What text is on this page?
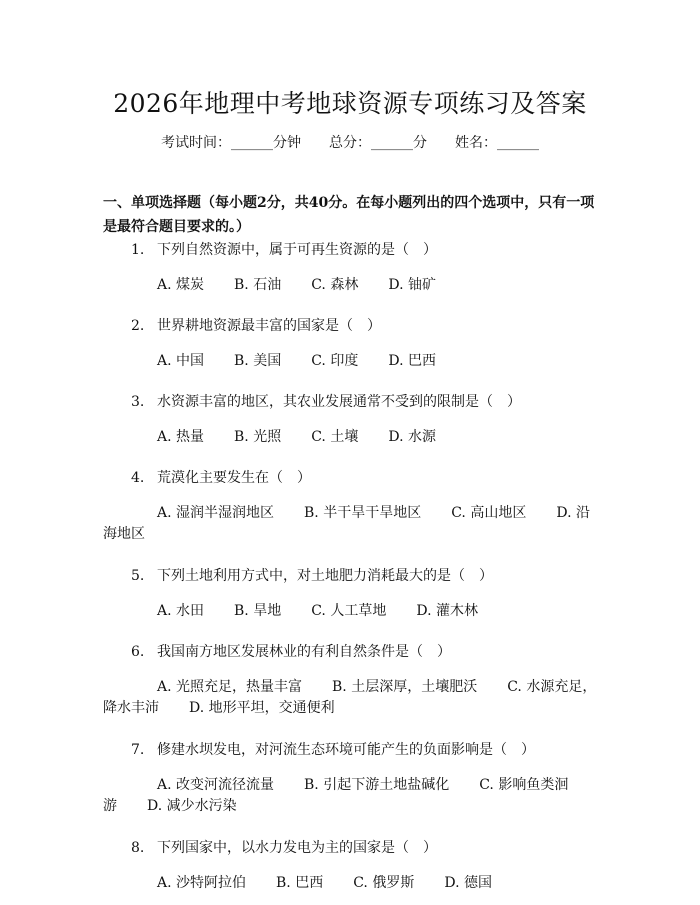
2026年地理中考地球资源专项练习及答案
考试时间：______分钟 总分：______分 姓名：______

一、单项选择题（每小题2分，共40分。在每小题列出的四个选项中，只有一项是最符合题目要求的。）

1. 下列自然资源中，属于可再生资源的是（　）
A. 煤炭 B. 石油 C. 森林 D. 铀矿
2. 世界耕地资源最丰富的国家是（　）
A. 中国 B. 美国 C. 印度 D. 巴西
3. 水资源丰富的地区，其农业发展通常不受到的限制是（　）
A. 热量 B. 光照 C. 土壤 D. 水源
4. 荒漠化主要发生在（　）
A. 湿润半湿润地区 B. 半干旱干旱地区 C. 高山地区 D. 沿海地区
5. 下列土地利用方式中，对土地肥力消耗最大的是（　）
A. 水田 B. 旱地 C. 人工草地 D. 灌木林
6. 我国南方地区发展林业的有利自然条件是（　）
A. 光照充足，热量丰富 B. 土层深厚，土壤肥沃 C. 水源充足，降水丰沛 D. 地形平坦，交通便利
7. 修建水坝发电，对河流生态环境可能产生的负面影响是（　）
A. 改变河流径流量 B. 引起下游土地盐碱化 C. 影响鱼类洄游 D. 减少水污染
8. 下列国家中，以水力发电为主的国家是（　）
A. 沙特阿拉伯 B. 巴西 C. 俄罗斯 D. 德国
